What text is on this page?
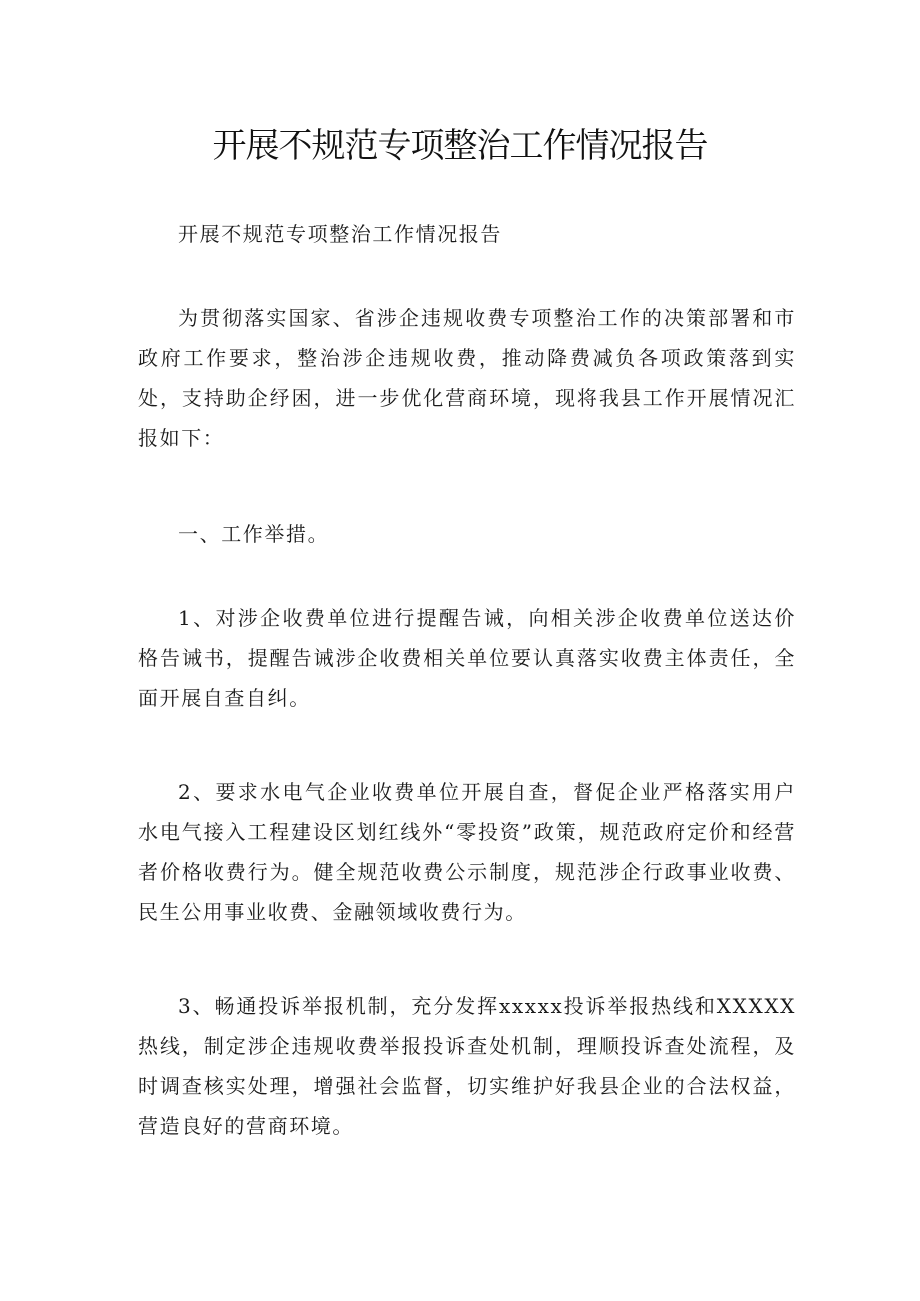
开展不规范专项整治工作情况报告

开展不规范专项整治工作情况报告

为贯彻落实国家、省涉企违规收费专项整治工作的决策部署和市政府工作要求，整治涉企违规收费，推动降费减负各项政策落到实处，支持助企纾困，进一步优化营商环境，现将我县工作开展情况汇报如下：

一、工作举措。

1、对涉企收费单位进行提醒告诫，向相关涉企收费单位送达价格告诫书，提醒告诫涉企收费相关单位要认真落实收费主体责任，全面开展自查自纠。

2、要求水电气企业收费单位开展自查，督促企业严格落实用户水电气接入工程建设区划红线外“零投资”政策，规范政府定价和经营者价格收费行为。健全规范收费公示制度，规范涉企行政事业收费、民生公用事业收费、金融领域收费行为。

3、畅通投诉举报机制，充分发挥xxxxx投诉举报热线和XXXXX热线，制定涉企违规收费举报投诉查处机制，理顺投诉查处流程，及时调查核实处理，增强社会监督，切实维护好我县企业的合法权益，营造良好的营商环境。
